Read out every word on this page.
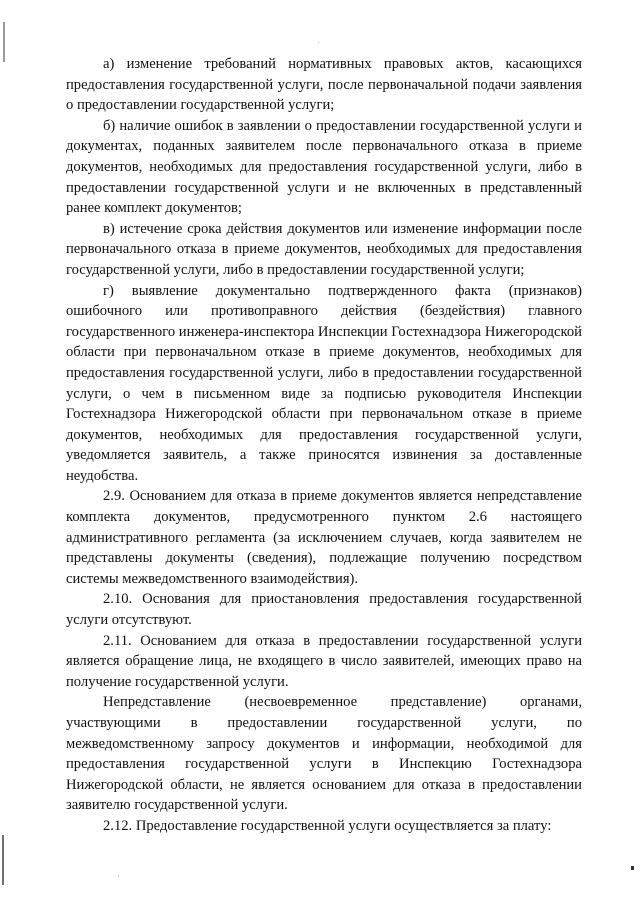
а) изменение требований нормативных правовых актов, касающихся предоставления государственной услуги, после первоначальной подачи заявления о предоставлении государственной услуги;

б) наличие ошибок в заявлении о предоставлении государственной услуги и документах, поданных заявителем после первоначального отказа в приеме документов, необходимых для предоставления государственной услуги, либо в предоставлении государственной услуги и не включенных в представленный ранее комплект документов;

в) истечение срока действия документов или изменение информации после первоначального отказа в приеме документов, необходимых для предоставления государственной услуги, либо в предоставлении государственной услуги;

г) выявление документально подтвержденного факта (признаков) ошибочного или противоправного действия (бездействия) главного государственного инженера-инспектора Инспекции Гостехнадзора Нижегородской области при первоначальном отказе в приеме документов, необходимых для предоставления государственной услуги, либо в предоставлении государственной услуги, о чем в письменном виде за подписью руководителя Инспекции Гостехнадзора Нижегородской области при первоначальном отказе в приеме документов, необходимых для предоставления государственной услуги, уведомляется заявитель, а также приносятся извинения за доставленные неудобства.

2.9. Основанием для отказа в приеме документов является непредставление комплекта документов, предусмотренного пунктом 2.6 настоящего административного регламента (за исключением случаев, когда заявителем не представлены документы (сведения), подлежащие получению посредством системы межведомственного взаимодействия).

2.10. Основания для приостановления предоставления государственной услуги отсутствуют.

2.11. Основанием для отказа в предоставлении государственной услуги является обращение лица, не входящего в число заявителей, имеющих право на получение государственной услуги.

Непредставление (несвоевременное представление) органами, участвующими в предоставлении государственной услуги, по межведомственному запросу документов и информации, необходимой для предоставления государственной услуги в Инспекцию Гостехнадзора Нижегородской области, не является основанием для отказа в предоставлении заявителю государственной услуги.

2.12. Предоставление государственной услуги осуществляется за плату:
